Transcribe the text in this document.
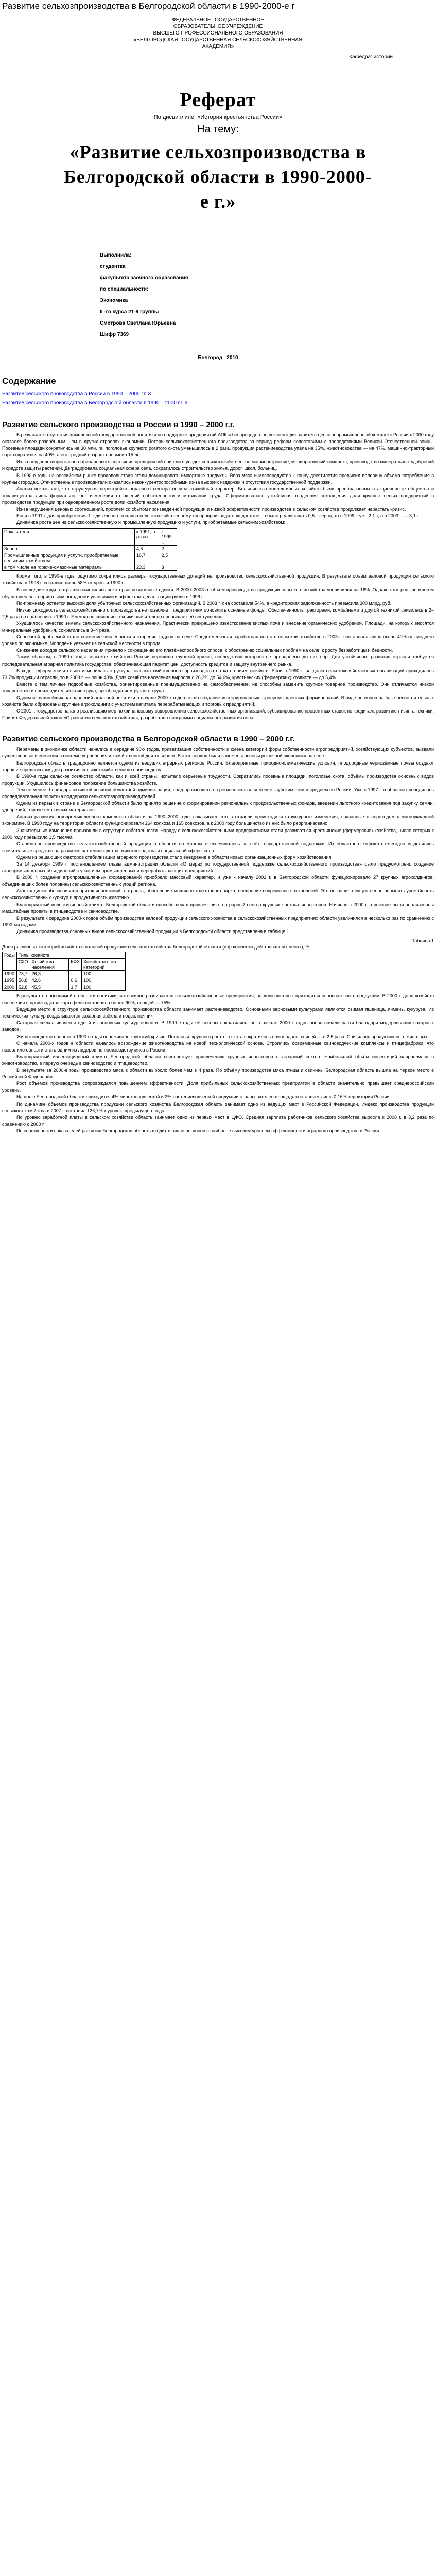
Развитие сельхозпроизводства в Белгородской области в 1990-2000-е г

ФЕДЕРАЛЬНОЕ ГОСУДАРСТВЕННОЕ

ОБРАЗОВАТЕЛЬНОЕ УЧРЕЖДЕНИЕ

ВЫСШЕГО ПРОФЕССИОНАЛЬНОГО ОБРАЗОВАНИЯ

«БЕЛГОРОДСКАЯ ГОСУДАРСТВЕННАЯ СЕЛЬСКОХОЗЯЙСТВЕННАЯ

АКАДЕМИЯ»

Кафедра: истории
Реферат
По дисциплине: «История крестьянства России»
На тему:
«Развитие сельхозпроизводства в Белгородской области в 1990-2000-е г.»
Выполнила:
студентка
факультета заочного образования
по специальности:
Экономика
II -го курса 21-9 группы
Смотрова Светлана Юрьевна
Шифр 7369
Белгород– 2010
Содержание

Развитие сельского производства в России в 1990 – 2000 г.г. 3

Развитие сельского производства в Белгородской области в 1990 – 2000 г.г. 9

Развитие сельского производства в России в 1990 – 2000 г.г.

В результате отсутствия комплексной государственной политики по поддержке предприятий АПК и беспрецедентно высокого диспаритета цен агропромышленный комплекс России к 2000 году оказался более разорённым, чем в других отраслях экономики. Потери сельскохозяйственного производства за период реформ сопоставимы с последствиями Великой Отечественной войны. Посевные площади сократились на 30 млн. га, поголовье крупного рогатого скота уменьшилось в 2 раза, продукция растениеводства упала на 35%, животноводства — на 47%, машинно-тракторный парк сократился на 40%, а его средний возраст превысил 15 лет.

Из-за неудовлетворительного финансового состояния предприятий пришли в упадок сельскохозяйственное машиностроение, мелиоративный комплекс, производство минеральных удобрений и средств защиты растений. Деградировала социальная сфера села, сократилось строительство жилья, дорог, школ, больниц.

В 1990-е годы на российском рынке продовольствия стали доминировать импортные продукты. Ввоз мяса и мясопродуктов к концу десятилетия превысил половину объёма потребления в крупных городах. Отечественные производители оказались неконкурентоспособными из-за высоких издержек и отсутствия государственной поддержки.

Анализ показывает, что структурная перестройка аграрного сектора носила стихийный характер. Большинство коллективных хозяйств были преобразованы в акционерные общества и товарищества лишь формально, без изменения отношений собственности и мотивации труда. Сформировалась устойчивая тенденция сокращения доли крупных сельхозпредприятий в производстве продукции при одновременном росте доли хозяйств населения.

Из-за нарушения ценовых соотношений, проблем со сбытом произведённой продукции и низкой эффективности производства в сельском хозяйстве продолжает нарастать кризис.

Если в 1991 г. для приобретения 1 т дизельного топлива сельскохозяйственному товаропроизводителю достаточно было реализовать 0,5 т зерна, то в 1999 г. уже 2,1 т, а в 2003 г. — 3,1 т.

Динамика роста цен на сельскохозяйственную и промышленную продукцию и услуги, приобретаемые сельским хозяйством:

Показатели	к 1991, в разах	к 1999 г.
Зерно	4,5	2
Промышленные продукция и услуги, приобретаемые сельским хозяйством	16,7	2,5
в том числе на горюче-смазочные материалы	23,3	3

Кроме того, в 1990-е годы ощутимо сократились размеры государственных дотаций на производство сельскохозяйственной продукции. В результате объём валовой продукции сельского хозяйства в 1998 г. составил лишь 58% от уровня 1990 г.

В последние годы в отрасли наметились некоторые позитивные сдвиги. В 2000–2003 гг. объём производства продукции сельского хозяйства увеличился на 16%. Однако этот рост во многом обусловлен благоприятными погодными условиями и эффектом девальвации рубля в 1998 г.

По-прежнему остаётся высокой доля убыточных сельскохозяйственных организаций. В 2003 г. она составила 54%, а кредиторская задолженность превысила 300 млрд. руб.

Низкая доходность сельскохозяйственного производства не позволяет предприятиям обновлять основные фонды. Обеспеченность тракторами, комбайнами и другой техникой снизилась в 2–2,5 раза по сравнению с 1990 г. Ежегодное списание техники значительно превышает её поступление.

Ухудшилось качество земель сельскохозяйственного назначения. Практически прекращено известкование кислых почв и внесение органических удобрений. Площади, на которых вносятся минеральные удобрения, сократились в 3–4 раза.

Серьёзной проблемой стало снижение численности и старение кадров на селе. Среднемесячная заработная плата в сельском хозяйстве в 2003 г. составляла лишь около 40% от среднего уровня по экономике. Молодёжь уезжает из сельской местности в города.

Снижение доходов сельского населения привело к сокращению его платёжеспособного спроса, к обострению социальных проблем на селе, к росту безработицы и бедности.

Таким образом, в 1990-е годы сельское хозяйство России пережило глубокий кризис, последствия которого не преодолены до сих пор. Для устойчивого развития отрасли требуется последовательная аграрная политика государства, обеспечивающая паритет цен, доступность кредитов и защиту внутреннего рынка.

В ходе реформ значительно изменилась структура сельскохозяйственного производства по категориям хозяйств. Если в 1990 г. на долю сельскохозяйственных организаций приходилось 73,7% продукции отрасли, то в 2003 г. — лишь 40%. Доля хозяйств населения выросла с 26,3% до 54,6%, крестьянских (фермерских) хозяйств — до 5,4%.

Вместе с тем личные подсобные хозяйства, ориентированные преимущественно на самообеспечение, не способны заменить крупное товарное производство. Они отличаются низкой товарностью и производительностью труда, преобладанием ручного труда.

Одним из важнейших направлений аграрной политики в начале 2000-х годов стало создание интегрированных агропромышленных формирований. В ряде регионов на базе несостоятельных хозяйств были образованы крупные агрохолдинги с участием капитала перерабатывающих и торговых предприятий.

С 2001 г. государство начало реализацию мер по финансовому оздоровлению сельскохозяйственных организаций, субсидированию процентных ставок по кредитам, развитию лизинга техники. Принят Федеральный закон «О развитии сельского хозяйства», разработана программа социального развития села.

Развитие сельского производства в Белгородской области в 1990 – 2000 г.г.

Перемены в экономике области начались в середине 90-х годов, приватизация собственности и смена категорий форм собственности агропредприятий, хозяйствующих субъектов, вызвали существенные изменения в системе управления и хозяйственной деятельности. В этот период были заложены основы рыночной экономики на селе.

Белгородская область традиционно является одним из ведущих аграрных регионов России. Благоприятные природно-климатические условия, плодородные чернозёмные почвы создают хорошие предпосылки для развития сельскохозяйственного производства.

В 1990-е годы сельское хозяйство области, как и всей страны, испытало серьёзные трудности. Сократились посевные площади, поголовье скота, объёмы производства основных видов продукции. Ухудшилось финансовое положение большинства хозяйств.

Тем не менее, благодаря активной позиции областной администрации, спад производства в регионе оказался менее глубоким, чем в среднем по России. Уже с 1997 г. в области проводилась последовательная политика поддержки сельхозтоваропроизводителей.

Одним из первых в стране в Белгородской области было принято решение о формировании региональных продовольственных фондов, введении льготного кредитования под закупку семян, удобрений, горюче-смазочных материалов.

Анализ развития агропромышленного комплекса области за 1990–2000 годы показывает, что в отрасли происходили структурные изменения, связанные с переходом к многоукладной экономике. В 1990 году на территории области функционировали 264 колхоза и 165 совхозов, а к 2000 году большинство из них было реорганизовано.

Значительные изменения произошли в структуре собственности. Наряду с сельскохозяйственными предприятиями стали развиваться крестьянские (фермерские) хозяйства, число которых к 2000 году превысило 1,5 тысячи.

Стабильное производство сельскохозяйственной продукции в области во многом обеспечивалось за счёт государственной поддержки. Из областного бюджета ежегодно выделялись значительные средства на развитие растениеводства, животноводства и социальной сферы села.

Одним из решающих факторов стабилизации аграрного производства стало внедрение в области новых организационных форм хозяйствования.

За 14 декабря 1999 г. постановлением главы администрации области «О мерах по государственной поддержке сельскохозяйственного производства» было предусмотрено создание агропромышленных объединений с участием промышленных и перерабатывающих предприятий.

В 2000 г. создание агропромышленных формирований приобрело массовый характер, и уже к началу 2001 г. в Белгородской области функционировало 27 крупных агрохолдингов, объединивших более половины сельскохозяйственных угодий региона.

Агрохолдинги обеспечивали приток инвестиций в отрасль, обновление машинно-тракторного парка, внедрение современных технологий. Это позволило существенно повысить урожайность сельскохозяйственных культур и продуктивность животных.

Благоприятный инвестиционный климат Белгородской области способствовал привлечению в аграрный сектор крупных частных инвесторов. Начиная с 2000 г. в регионе были реализованы масштабные проекты в птицеводстве и свиноводстве.

В результате к середине 2000-х годов объём производства валовой продукции сельского хозяйства в сельскохозяйственных предприятиях области увеличился в несколько раз по сравнению с 1990-ми годами.

Динамика производства основных видов сельскохозяйственной продукции в Белгородской области представлена в таблице 1.

Таблица 1
Доля различных категорий хозяйств в валовой продукции сельского хозяйства Белгородской области (в фактически действовавших ценах), %
Годы	Типы хозяйств			
	СХО	Хозяйства населения	КФХ	Хозяйства всех категорий
1990	73,7	26,3	–	100
1995	56,8	42,6	0,6	100
2000	52,8	45,5	1,7	100

В результате проводимой в области политики, интенсивно развиваются сельскохозяйственные предприятия, на долю которых приходится основная часть продукции. В 2000 г. доля хозяйств населения в производстве картофеля составляла более 90%, овощей — 75%.

Ведущее место в структуре сельскохозяйственного производства области занимает растениеводство. Основными зерновыми культурами являются озимая пшеница, ячмень, кукуруза. Из технических культур возделываются сахарная свёкла и подсолнечник.

Сахарная свёкла является одной из основных культур области. В 1990-е годы её посевы сократились, но в начале 2000-х годов вновь начали расти благодаря модернизации сахарных заводов.

Животноводство области в 1990-е годы переживало глубокий кризис. Поголовье крупного рогатого скота сократилось почти вдвое, свиней — в 2,5 раза. Снизилась продуктивность животных.

С начала 2000-х годов в области началось возрождение животноводства на новой технологической основе. Строились современные свиноводческие комплексы и птицефабрики, что позволило области стать одним из лидеров по производству мяса в России.

Благоприятный инвестиционный климат Белгородской области способствует привлечению крупных инвесторов в аграрный сектор. Наибольший объём инвестиций направлялся в животноводство, в первую очередь в свиноводство и птицеводство.

В результате за 2000-е годы производство мяса в области выросло более чем в 4 раза. По объёму производства мяса птицы и свинины Белгородская область вышла на первое место в Российской Федерации.

Рост объёмов производства сопровождался повышением эффективности. Доля прибыльных сельскохозяйственных предприятий в области значительно превышает среднероссийский уровень.

На долю Белгородской области приходится 4% животноводческой и 2% растениеводческой продукции страны, хотя её площадь составляет лишь 0,16% территории России.

По динамике объёмов производства продукции сельского хозяйства Белгородская область занимает одно из ведущих мест в Российской Федерации. Индекс производства продукции сельского хозяйства в 2007 г. составил 126,7% к уровню предыдущего года.

По уровню заработной платы в сельском хозяйстве область занимает одно из первых мест в ЦФО. Средняя зарплата работников сельского хозяйства выросла к 2008 г. в 3,2 раза по сравнению с 2000 г.

По совокупности показателей развития Белгородская область входит в число регионов с наиболее высоким уровнем эффективности аграрного производства в России.
